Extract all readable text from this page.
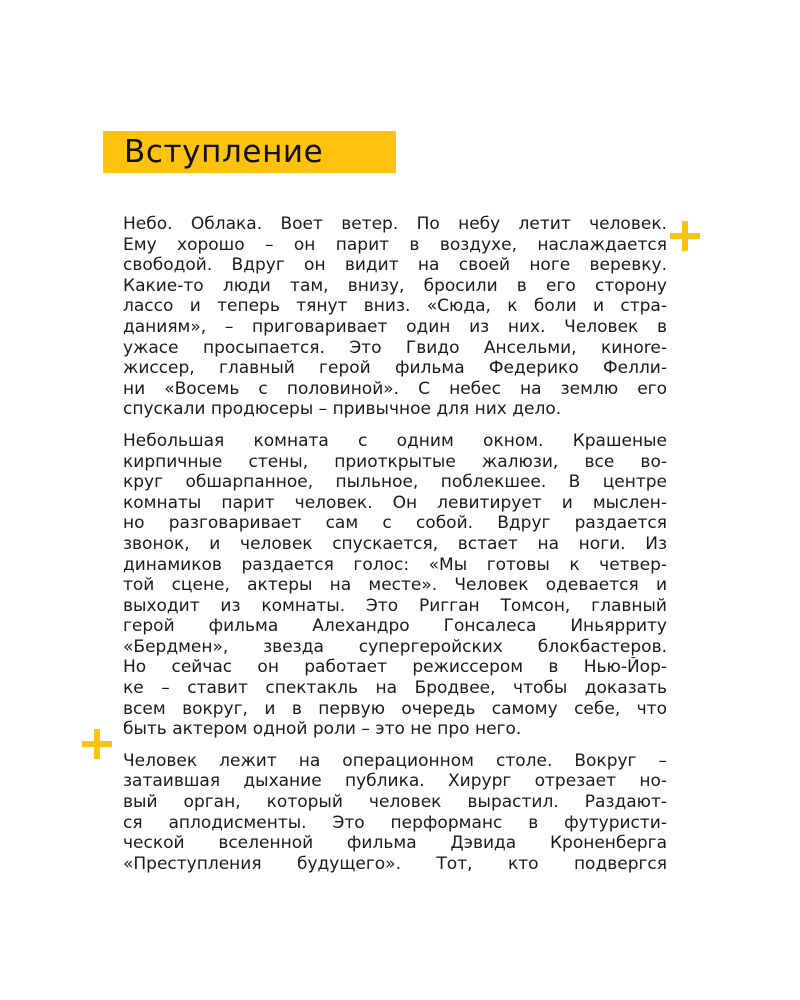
Вступление

Небо. Облака. Воет ветер. По небу летит человек.
Ему хорошо – он парит в воздухе, наслаждается
свободой. Вдруг он видит на своей ноге веревку.
Какие-то люди там, внизу, бросили в его сторону
лассо и теперь тянут вниз. «Сюда, к боли и стра-
даниям», – приговаривает один из них. Человек в
ужасе просыпается. Это Гвидо Ансельми, кинore-
жиссер, главный герой фильма Федерико Фелли-
ни «Восемь с половиной». С небес на землю его
спускали продюсеры – привычное для них дело.

Небольшая комната с одним окном. Крашеные
кирпичные стены, приоткрытые жалюзи, все во-
круг обшарпанное, пыльное, поблекшее. В центре
комнаты парит человек. Он левитирует и мыслен-
но разговаривает сам с собой. Вдруг раздается
звонок, и человек спускается, встает на ноги. Из
динамиков раздается голос: «Мы готовы к четвер-
той сцене, актеры на месте». Человек одевается и
выходит из комнаты. Это Ригган Томсон, главный
герой фильма Алехандро Гонсалеса Иньярриту
«Бердмен», звезда супергеройских блокбастеров.
Но сейчас он работает режиссером в Нью-Йор-
ке – ставит спектакль на Бродвее, чтобы доказать
всем вокруг, и в первую очередь самому себе, что
быть актером одной роли – это не про него.

Человек лежит на операционном столе. Вокруг –
затаившая дыхание публика. Хирург отрезает но-
вый орган, который человек вырастил. Раздают-
ся аплодисменты. Это перформанс в футуристи-
ческой вселенной фильма Дэвида Кроненберга
«Преступления будущего». Тот, кто подвергся
